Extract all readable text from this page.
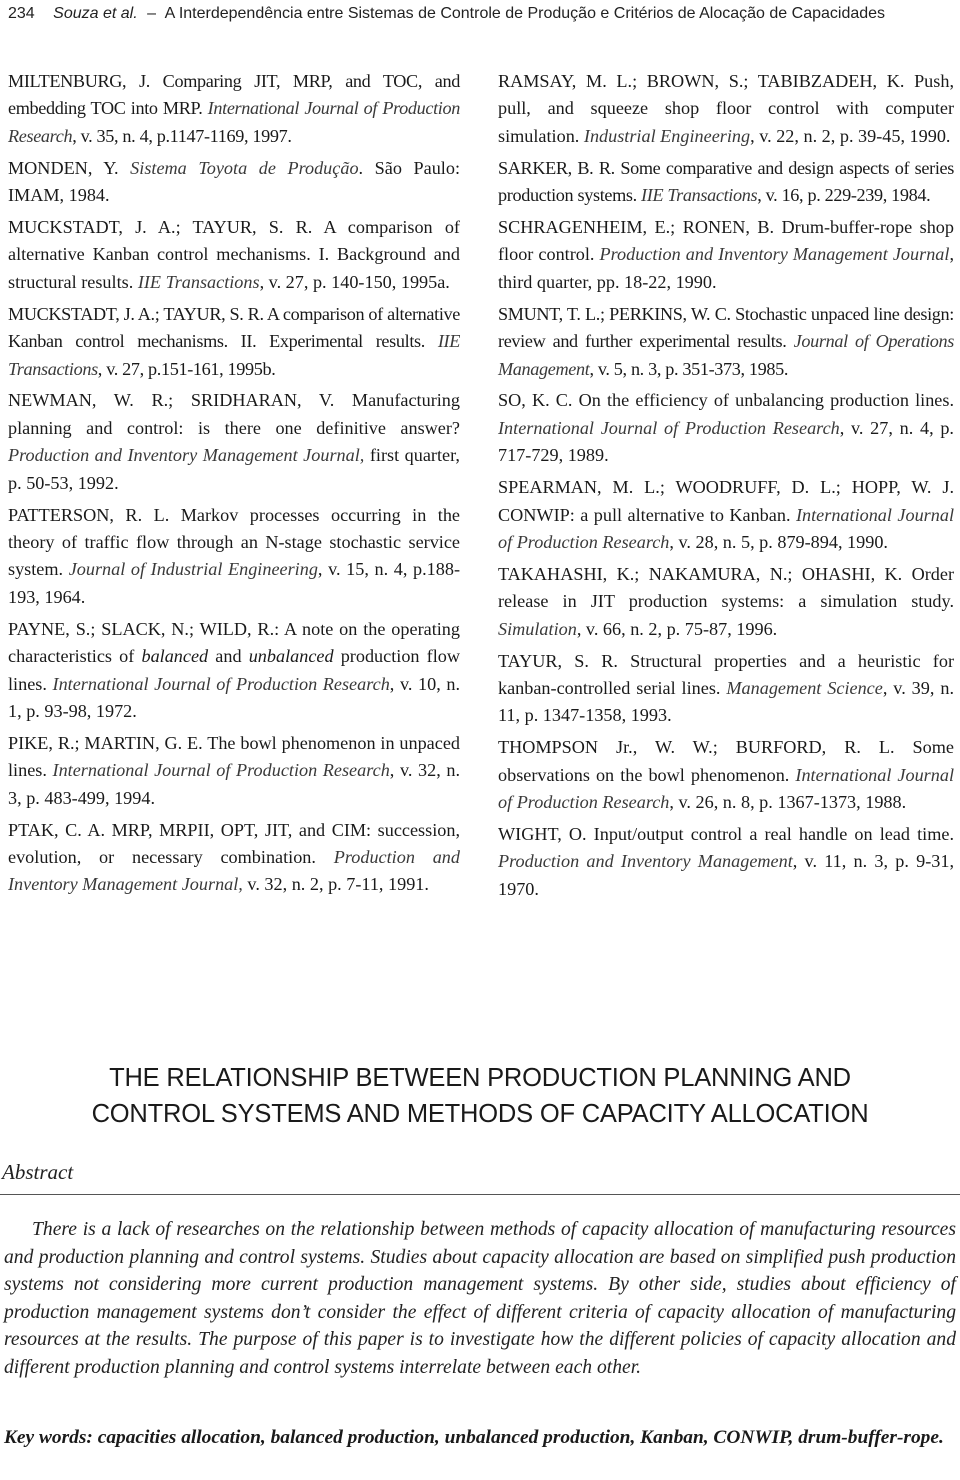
234 Souza et al. – A Interdependência entre Sistemas de Controle de Produção e Critérios de Alocação de Capacidades

MILTENBURG, J. Comparing JIT, MRP, and TOC, and embedding TOC into MRP. International Journal of Production Research, v. 35, n. 4, p.1147-1169, 1997.

MONDEN, Y. Sistema Toyota de Produção. São Paulo: IMAM, 1984.

MUCKSTADT, J. A.; TAYUR, S. R. A comparison of alternative Kanban control mechanisms. I. Background and structural results. IIE Transactions, v. 27, p. 140-150, 1995a.

MUCKSTADT, J. A.; TAYUR, S. R. A comparison of alternative Kanban control mechanisms. II. Experimental results. IIE Transactions, v. 27, p.151-161, 1995b.

NEWMAN, W. R.; SRIDHARAN, V. Manufacturing planning and control: is there one definitive answer? Production and Inventory Management Journal, first quarter, p. 50-53, 1992.

PATTERSON, R. L. Markov processes occurring in the theory of traffic flow through an N-stage stochastic service system. Journal of Industrial Engineering, v. 15, n. 4, p.188-193, 1964.

PAYNE, S.; SLACK, N.; WILD, R.: A note on the operating characteristics of balanced and unbalanced production flow lines. International Journal of Production Research, v. 10, n. 1, p. 93-98, 1972.

PIKE, R.; MARTIN, G. E. The bowl phenomenon in unpaced lines. International Journal of Production Research, v. 32, n. 3, p. 483-499, 1994.

PTAK, C. A. MRP, MRPII, OPT, JIT, and CIM: succession, evolution, or necessary combination. Production and Inventory Management Journal, v. 32, n. 2, p. 7-11, 1991.

RAMSAY, M. L.; BROWN, S.; TABIBZADEH, K. Push, pull, and squeeze shop floor control with computer simulation. Industrial Engineering, v. 22, n. 2, p. 39-45, 1990.

SARKER, B. R. Some comparative and design aspects of series production systems. IIE Transactions, v. 16, p. 229-239, 1984.

SCHRAGENHEIM, E.; RONEN, B. Drum-buffer-rope shop floor control. Production and Inventory Management Journal, third quarter, pp. 18-22, 1990.

SMUNT, T. L.; PERKINS, W. C. Stochastic unpaced line design: review and further experimental results. Journal of Operations Management, v. 5, n. 3, p. 351-373, 1985.

SO, K. C. On the efficiency of unbalancing production lines. International Journal of Production Research, v. 27, n. 4, p. 717-729, 1989.

SPEARMAN, M. L.; WOODRUFF, D. L.; HOPP, W. J. CONWIP: a pull alternative to Kanban. International Journal of Production Research, v. 28, n. 5, p. 879-894, 1990.

TAKAHASHI, K.; NAKAMURA, N.; OHASHI, K. Order release in JIT production systems: a simulation study. Simulation, v. 66, n. 2, p. 75-87, 1996.

TAYUR, S. R. Structural properties and a heuristic for kanban-controlled serial lines. Management Science, v. 39, n. 11, p. 1347-1358, 1993.

THOMPSON Jr., W. W.; BURFORD, R. L. Some observations on the bowl phenomenon. International Journal of Production Research, v. 26, n. 8, p. 1367-1373, 1988.

WIGHT, O. Input/output control a real handle on lead time. Production and Inventory Management, v. 11, n. 3, p. 9-31, 1970.

THE RELATIONSHIP BETWEEN PRODUCTION PLANNING AND
CONTROL SYSTEMS AND METHODS OF CAPACITY ALLOCATION
Abstract
There is a lack of researches on the relationship between methods of capacity allocation of manufacturing resources and production planning and control systems. Studies about capacity allocation are based on simplified push production systems not considering more current production management systems. By other side, studies about efficiency of production management systems don’t consider the effect of different criteria of capacity allocation of manufacturing resources at the results. The purpose of this paper is to investigate how the different policies of capacity allocation and different production planning and control systems interrelate between each other.
Key words: capacities allocation, balanced production, unbalanced production, Kanban, CONWIP, drum-buffer-rope.
